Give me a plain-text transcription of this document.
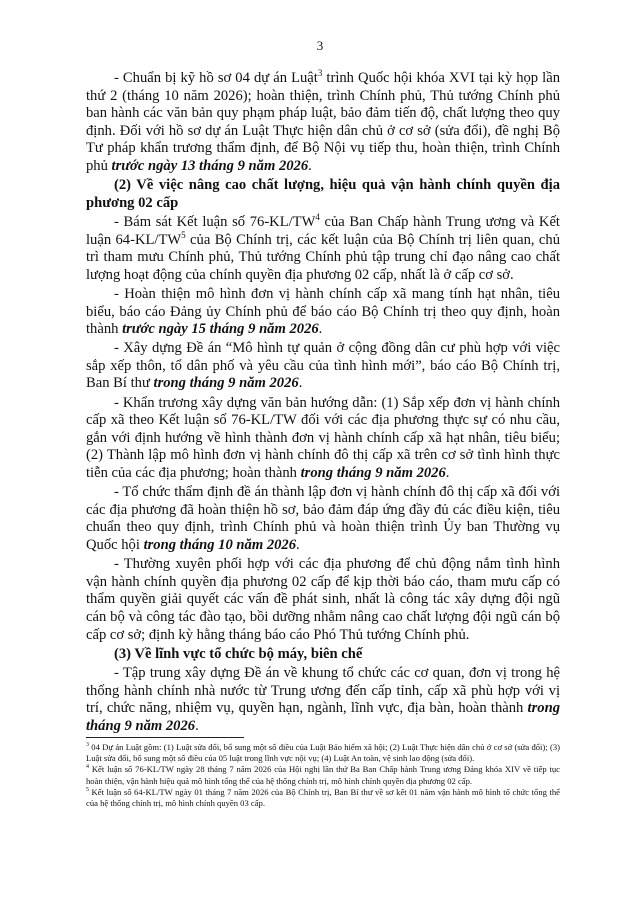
3

- Chuẩn bị kỹ hồ sơ 04 dự án Luật$^3$ trình Quốc hội khóa XVI tại kỳ họp lần thứ 2 (tháng 10 năm 2026); hoàn thiện, trình Chính phủ, Thủ tướng Chính phủ ban hành các văn bản quy phạm pháp luật, bảo đảm tiến độ, chất lượng theo quy định. Đối với hồ sơ dự án Luật Thực hiện dân chủ ở cơ sở (sửa đổi), đề nghị Bộ Tư pháp khẩn trương thẩm định, để Bộ Nội vụ tiếp thu, hoàn thiện, trình Chính phủ trước ngày 13 tháng 9 năm 2026.

(2) Về việc nâng cao chất lượng, hiệu quả vận hành chính quyền địa phương 02 cấp

- Bám sát Kết luận số $76-KL/TW^4$ của Ban Chấp hành Trung ương và Kết luận $64-KL/TW^5$ của Bộ Chính trị, các kết luận của Bộ Chính trị liên quan, chủ trì tham mưu Chính phủ, Thủ tướng Chính phủ tập trung chỉ đạo nâng cao chất lượng hoạt động của chính quyền địa phương 02 cấp, nhất là ở cấp cơ sở.

- Hoàn thiện mô hình đơn vị hành chính cấp xã mang tính hạt nhân, tiêu biểu, báo cáo Đảng ủy Chính phủ để báo cáo Bộ Chính trị theo quy định, hoàn thành trước ngày 15 tháng 9 năm 2026.

- Xây dựng Đề án “Mô hình tự quản ở cộng đồng dân cư phù hợp với việc sắp xếp thôn, tổ dân phố và yêu cầu của tình hình mới”, báo cáo Bộ Chính trị, Ban Bí thư trong tháng 9 năm 2026.

- Khẩn trương xây dựng văn bản hướng dẫn: (1) Sắp xếp đơn vị hành chính cấp xã theo Kết luận số 76-KL/TW đối với các địa phương thực sự có nhu cầu, gắn với định hướng về hình thành đơn vị hành chính cấp xã hạt nhân, tiêu biểu; (2) Thành lập mô hình đơn vị hành chính đô thị cấp xã trên cơ sở tình hình thực tiễn của các địa phương; hoàn thành trong tháng 9 năm 2026.

- Tổ chức thẩm định đề án thành lập đơn vị hành chính đô thị cấp xã đối với các địa phương đã hoàn thiện hồ sơ, bảo đảm đáp ứng đầy đủ các điều kiện, tiêu chuẩn theo quy định, trình Chính phủ và hoàn thiện trình Ủy ban Thường vụ Quốc hội trong tháng 10 năm 2026.

- Thường xuyên phối hợp với các địa phương để chủ động nắm tình hình vận hành chính quyền địa phương 02 cấp để kịp thời báo cáo, tham mưu cấp có thẩm quyền giải quyết các vấn đề phát sinh, nhất là công tác xây dựng đội ngũ cán bộ và công tác đào tạo, bồi dưỡng nhằm nâng cao chất lượng đội ngũ cán bộ cấp cơ sở; định kỳ hằng tháng báo cáo Phó Thủ tướng Chính phủ.

(3) Về lĩnh vực tổ chức bộ máy, biên chế

- Tập trung xây dựng Đề án về khung tổ chức các cơ quan, đơn vị trong hệ thống hành chính nhà nước từ Trung ương đến cấp tỉnh, cấp xã phù hợp với vị trí, chức năng, nhiệm vụ, quyền hạn, ngành, lĩnh vực, địa bàn, hoàn thành trong tháng 9 năm 2026.

$^3$ 04 Dự án Luật gồm: (1) Luật sửa đổi, bổ sung một số điều của Luật Bảo hiểm xã hội; (2) Luật Thực hiện dân chủ ở cơ sở (sửa đổi); (3) Luật sửa đổi, bổ sung một số điều của 05 luật trong lĩnh vực nội vụ; (4) Luật An toàn, vệ sinh lao động (sửa đổi).

$^4$ Kết luận số 76-KL/TW ngày 28 tháng 7 năm 2026 của Hội nghị lần thứ Ba Ban Chấp hành Trung ương Đảng khóa XIV về tiếp tục hoàn thiện, vận hành hiệu quả mô hình tổng thể của hệ thống chính trị, mô hình chính quyền địa phương 02 cấp.

$^5$ Kết luận số 64-KL/TW ngày 01 tháng 7 năm 2026 của Bộ Chính trị, Ban Bí thư về sơ kết 01 năm vận hành mô hình tổ chức tổng thể của hệ thống chính trị, mô hình chính quyền 03 cấp.
